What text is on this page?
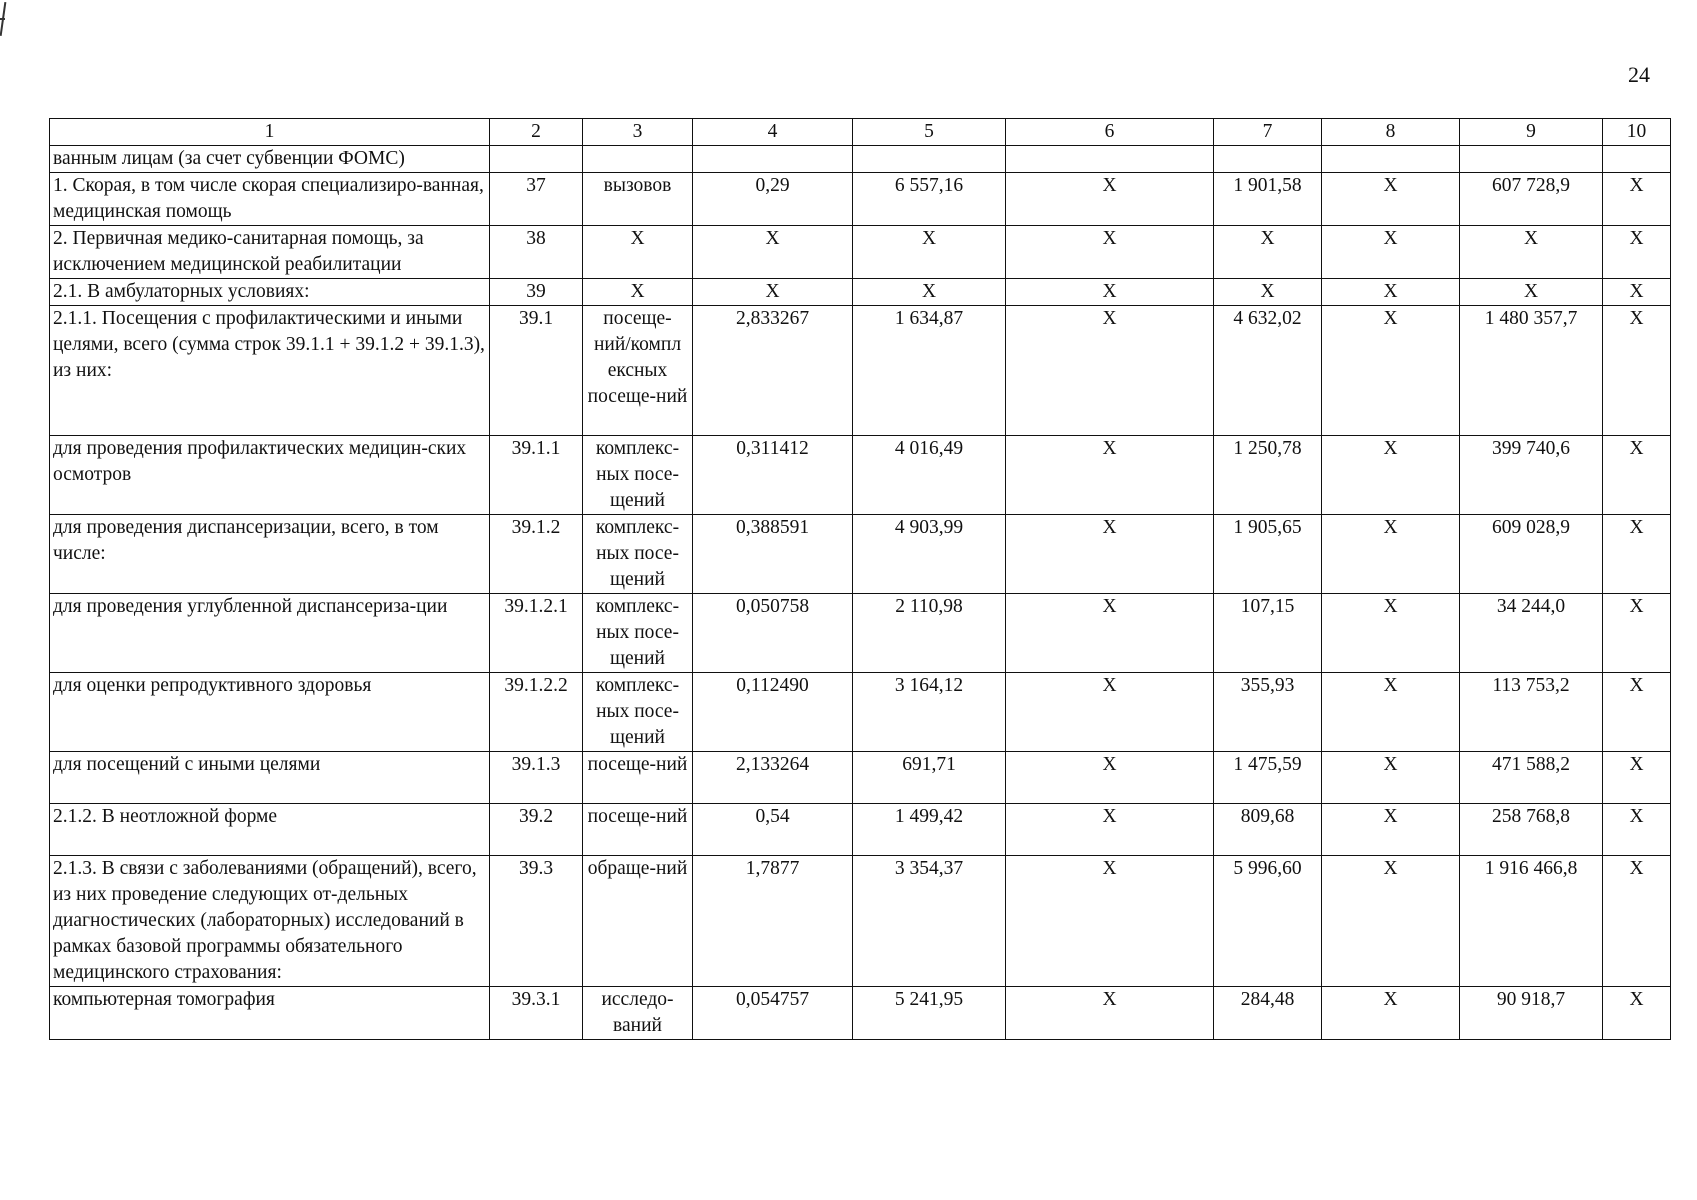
24
1	2	3	4	5	6	7	8	9	10
ванным лицам (за счет субвенции ФОМС)									
1. Скорая, в том числе скорая специализиро-ванная, медицинская помощь	37	вызовов	0,29	6 557,16	X	1 901,58	X	607 728,9	X
2. Первичная медико-санитарная помощь, за исключением медицинской реабилитации	38	X	X	X	X	X	X	X	X
2.1. В амбулаторных условиях:	39	X	X	X	X	X	X	X	X
2.1.1. Посещения с профилактическими и иными целями, всего (сумма строк 39.1.1 + 39.1.2 + 39.1.3), из них:	39.1	посеще-ний/компл ексных посеще-ний	2,833267	1 634,87	X	4 632,02	X	1 480 357,7	X
для проведения профилактических медицин-ских осмотров	39.1.1	комплекс-ных посе-щений	0,311412	4 016,49	X	1 250,78	X	399 740,6	X
для проведения диспансеризации, всего, в том числе:	39.1.2	комплекс-ных посе-щений	0,388591	4 903,99	X	1 905,65	X	609 028,9	X
для проведения углубленной диспансериза-ции	39.1.2.1	комплекс-ных посе-щений	0,050758	2 110,98	X	107,15	X	34 244,0	X
для оценки репродуктивного здоровья	39.1.2.2	комплекс-ных посе-щений	0,112490	3 164,12	X	355,93	X	113 753,2	X
для посещений с иными целями	39.1.3	посеще-ний	2,133264	691,71	X	1 475,59	X	471 588,2	X
2.1.2. В неотложной форме	39.2	посеще-ний	0,54	1 499,42	X	809,68	X	258 768,8	X
2.1.3. В связи с заболеваниями (обращений), всего, из них проведение следующих от-дельных диагностических (лабораторных) исследований в рамках базовой программы обязательного медицинского страхования:	39.3	обраще-ний	1,7877	3 354,37	X	5 996,60	X	1 916 466,8	X
компьютерная томография	39.3.1	исследо-ваний	0,054757	5 241,95	X	284,48	X	90 918,7	X
